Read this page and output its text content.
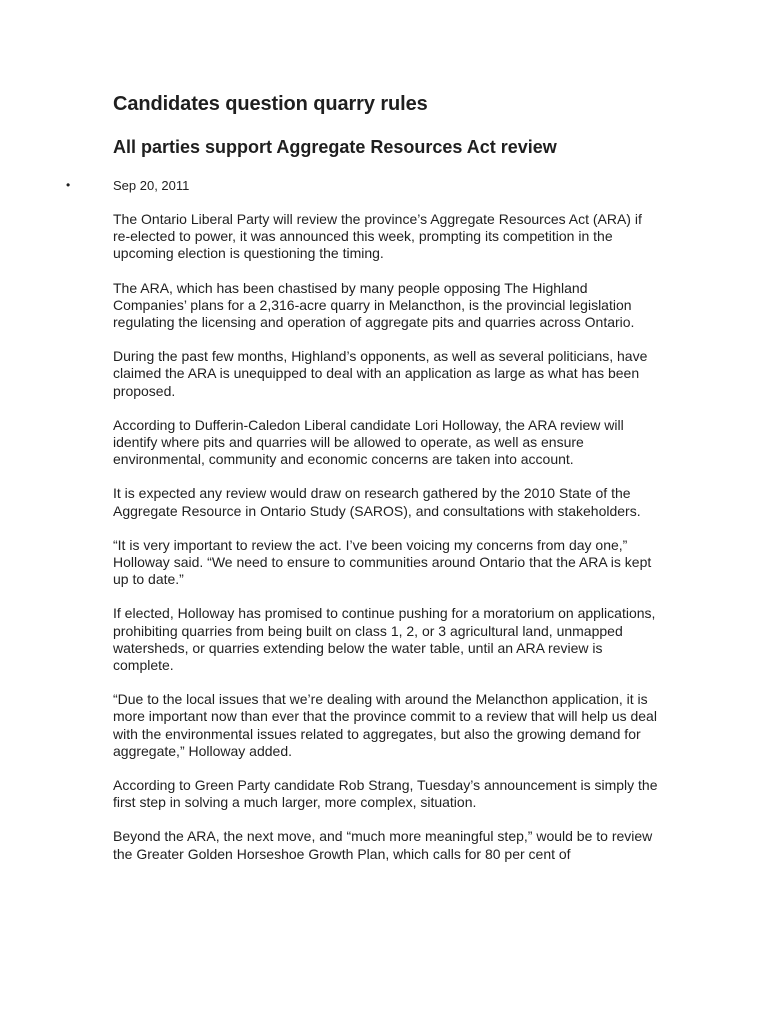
Candidates question quarry rules
All parties support Aggregate Resources Act review
•	Sep 20, 2011

The Ontario Liberal Party will review the province’s Aggregate Resources Act (ARA) if re-elected to power, it was announced this week, prompting its competition in the upcoming election is questioning the timing.

The ARA, which has been chastised by many people opposing The Highland Companies’ plans for a 2,316-acre quarry in Melancthon, is the provincial legislation regulating the licensing and operation of aggregate pits and quarries across Ontario.

During the past few months, Highland’s opponents, as well as several politicians, have claimed the ARA is unequipped to deal with an application as large as what has been proposed.

According to Dufferin-Caledon Liberal candidate Lori Holloway, the ARA review will identify where pits and quarries will be allowed to operate, as well as ensure environmental, community and economic concerns are taken into account.

It is expected any review would draw on research gathered by the 2010 State of the Aggregate Resource in Ontario Study (SAROS), and consultations with stakeholders.

“It is very important to review the act. I’ve been voicing my concerns from day one,” Holloway said. “We need to ensure to communities around Ontario that the ARA is kept up to date.”

If elected, Holloway has promised to continue pushing for a moratorium on applications, prohibiting quarries from being built on class 1, 2, or 3 agricultural land, unmapped watersheds, or quarries extending below the water table, until an ARA review is complete.

“Due to the local issues that we’re dealing with around the Melancthon application, it is more important now than ever that the province commit to a review that will help us deal with the environmental issues related to aggregates, but also the growing demand for aggregate,” Holloway added.

According to Green Party candidate Rob Strang, Tuesday’s announcement is simply the first step in solving a much larger, more complex, situation.

Beyond the ARA, the next move, and “much more meaningful step,” would be to review the Greater Golden Horseshoe Growth Plan, which calls for 80 per cent of
